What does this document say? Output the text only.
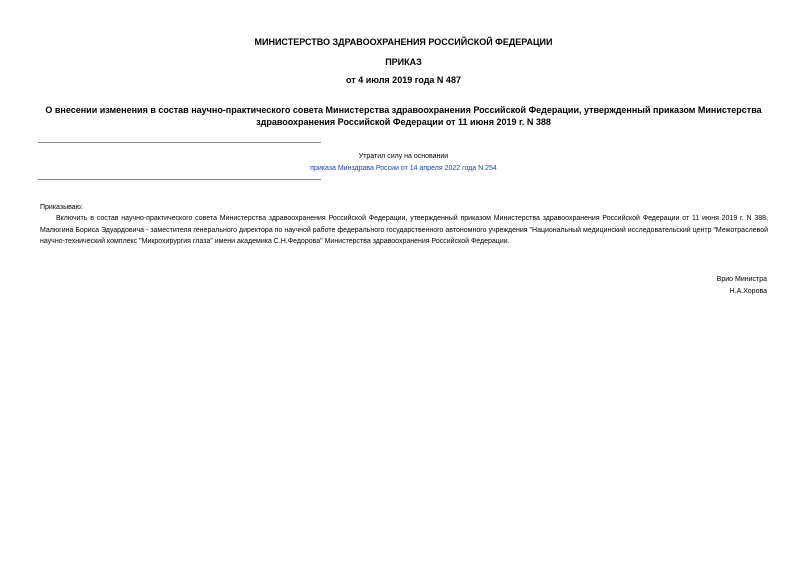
МИНИСТЕРСТВО ЗДРАВООХРАНЕНИЯ РОССИЙСКОЙ ФЕДЕРАЦИИ
ПРИКАЗ
от 4 июля 2019 года N 487
О внесении изменения в состав научно-практического совета Министерства здравоохранения Российской Федерации, утвержденный приказом Министерства здравоохранения Российской Федерации от 11 июня 2019 г. N 388
Утратил силу на основании
приказа Минздрава России от 14 апреля 2022 года N 254
Приказываю:
Включить в состав научно-практического совета Министерства здравоохранения Российской Федерации, утвержденный приказом Министерства здравоохранения Российской Федерации от 11 июня 2019 г. N 388, Малюгина Бориса Эдуардовича - заместителя генерального директора по научной работе федерального государственного автономного учреждения "Национальный медицинский исследовательский центр "Межотраслевой научно-технический комплекс "Микрохирургия глаза" имени академика С.Н.Федорова" Министерства здравоохранения Российской Федерации.
Врио Министра
Н.А.Хорова
